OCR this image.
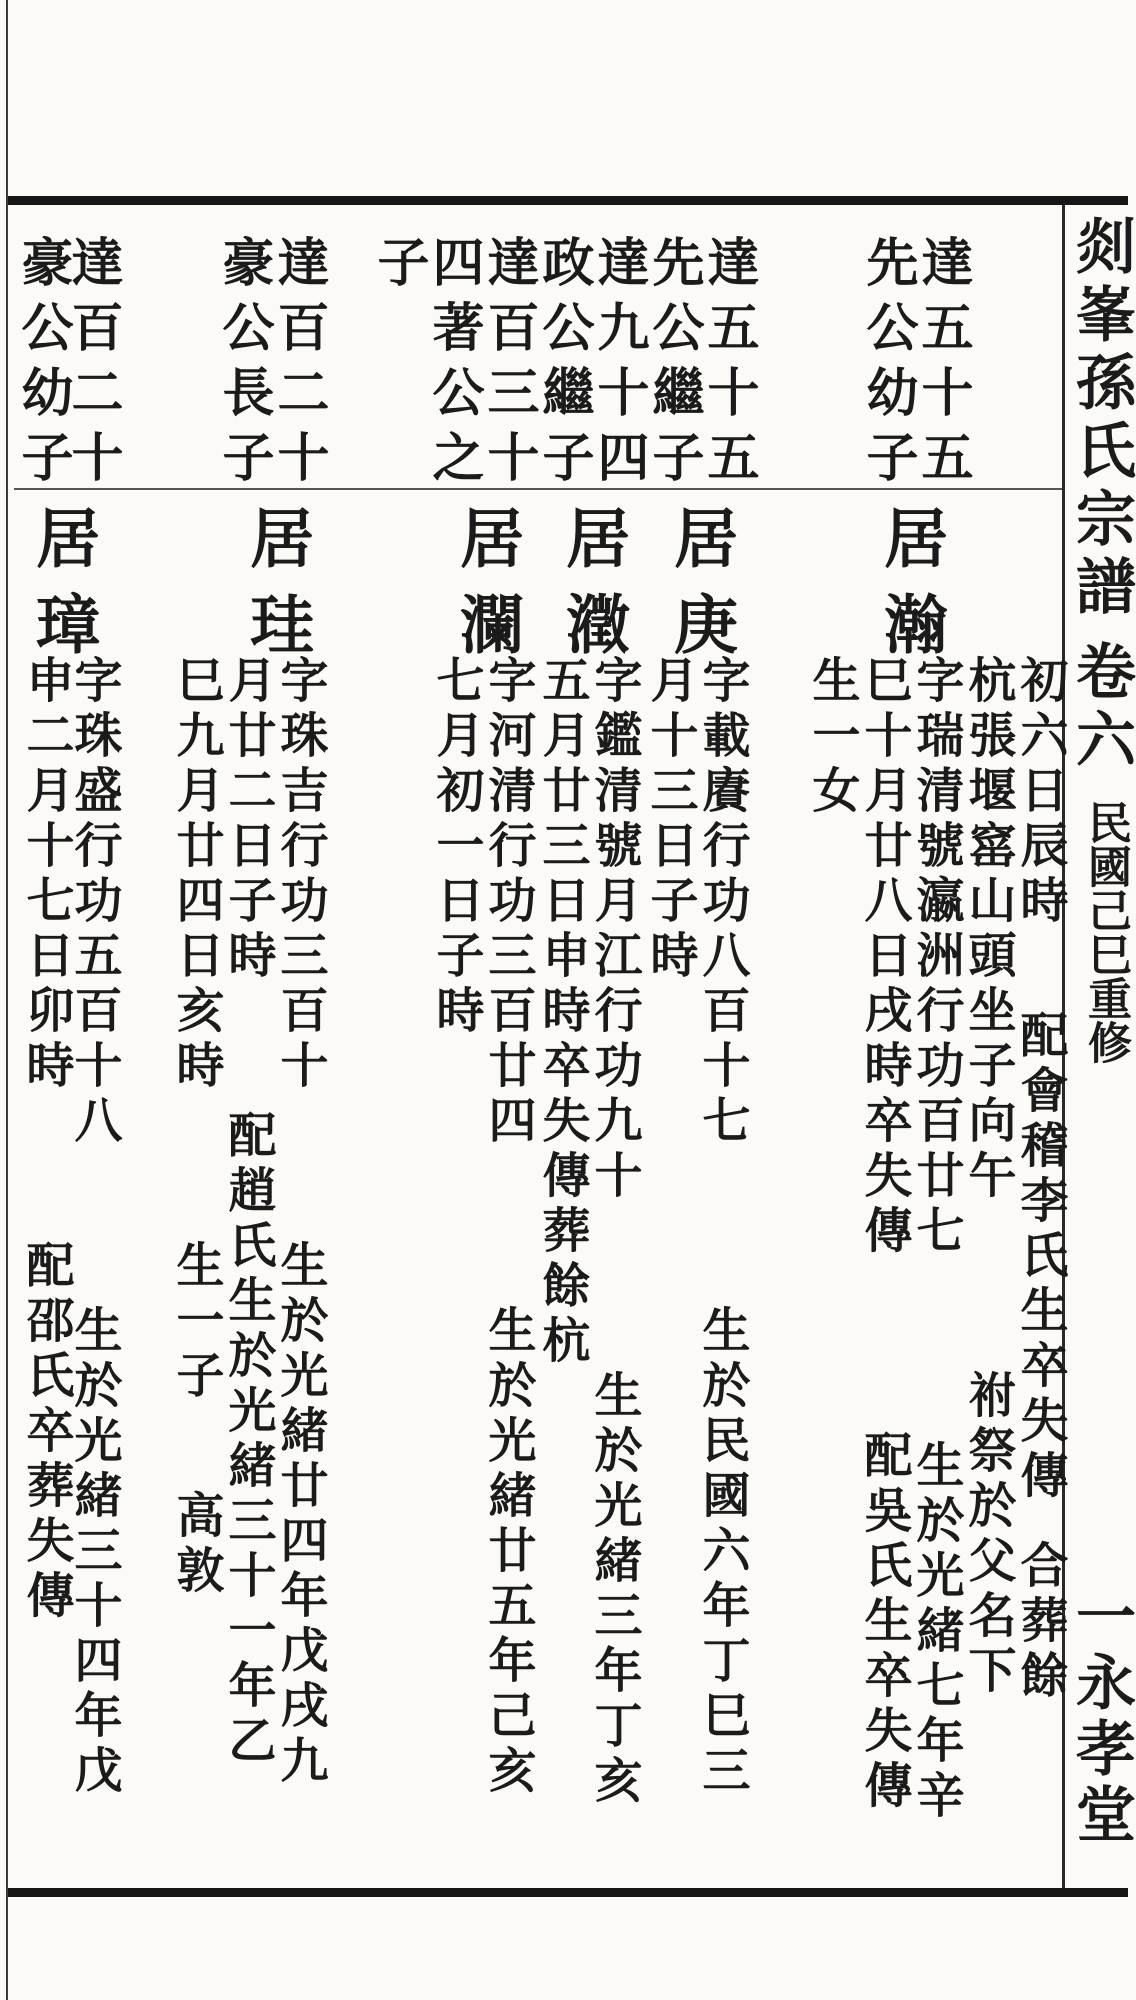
剡峯孫氏宗譜
卷六
民國己巳重修
一永孝堂
達五十五
先公幼子
達五十五
先公繼子
達九十四
政公繼子
達百三十
四著公之
子
達百二十
豪公長子
達百二十
豪公幼子
居瀚
初六日辰時
配會稽李氏生卒失傳
合葬餘
杭張堰窰山頭坐子向午
祔祭於父名下
字瑞清號瀛洲行功百廿七
生於光緒七年辛
巳十月廿八日戌時卒失傳
配吳氏生卒失傳
生一女
居庚
字載賡行功八百十七
生於民國六年丁巳三
月十三日子時
居瀓
字鑑清號月江行功九十
生於光緒三年丁亥
五月廿三日申時卒失傳葬餘杭
居瀾
字河清行功三百廿四
生於光緒廿五年己亥
七月初一日子時
居珪
字珠吉行功三百十
生於光緒廿四年戊戌九
月廿二日子時
配趙氏生於光緒三十一年乙
巳九月廿四日亥時
生一子
高敦
居璋
字珠盛行功五百十八
生於光緒三十四年戊
申二月十七日卯時
配邵氏卒葬失傳
